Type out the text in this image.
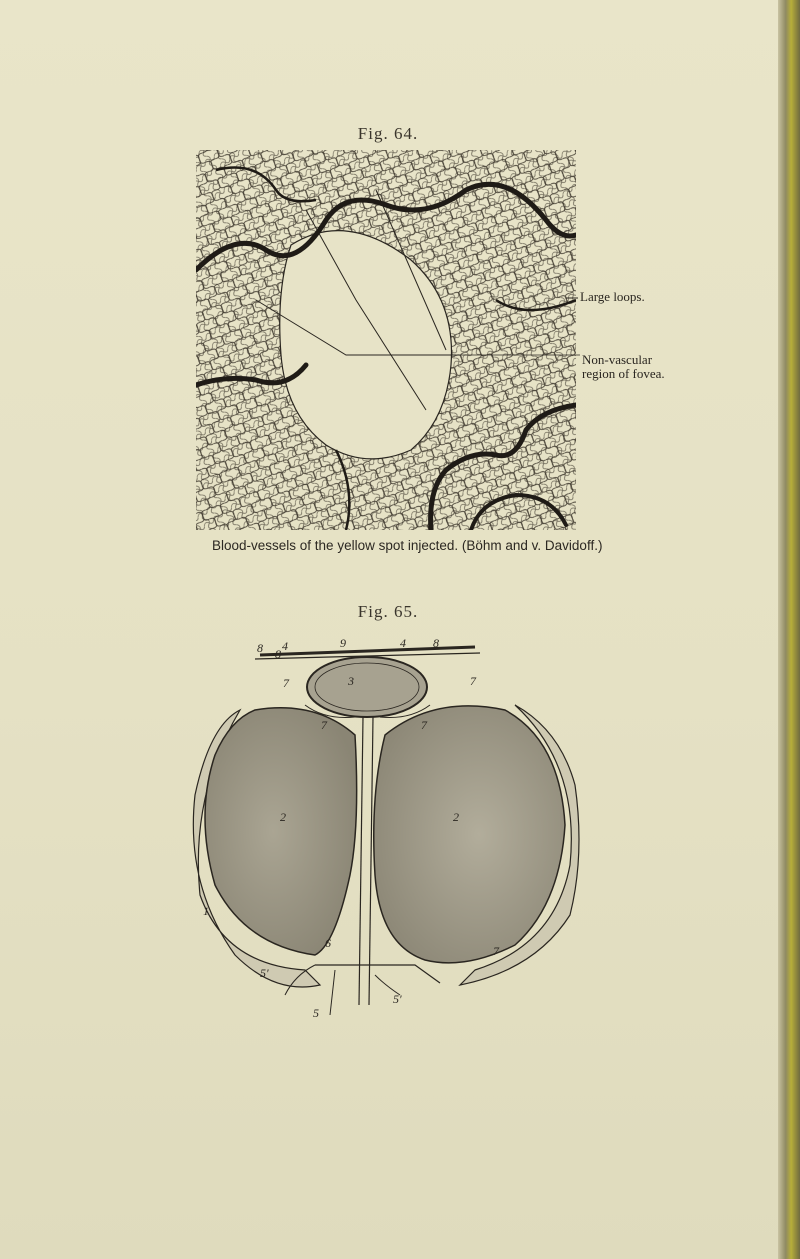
Fig. 64.
Large loops.
Non-vascular
region of fovea.
Blood-vessels of the yellow spot injected. (Böhm and v. Davidoff.)
Fig. 65.
8 4	9	4 8
8
3
7	7
7	7
2	2
1
6
7
5'
5
5'
